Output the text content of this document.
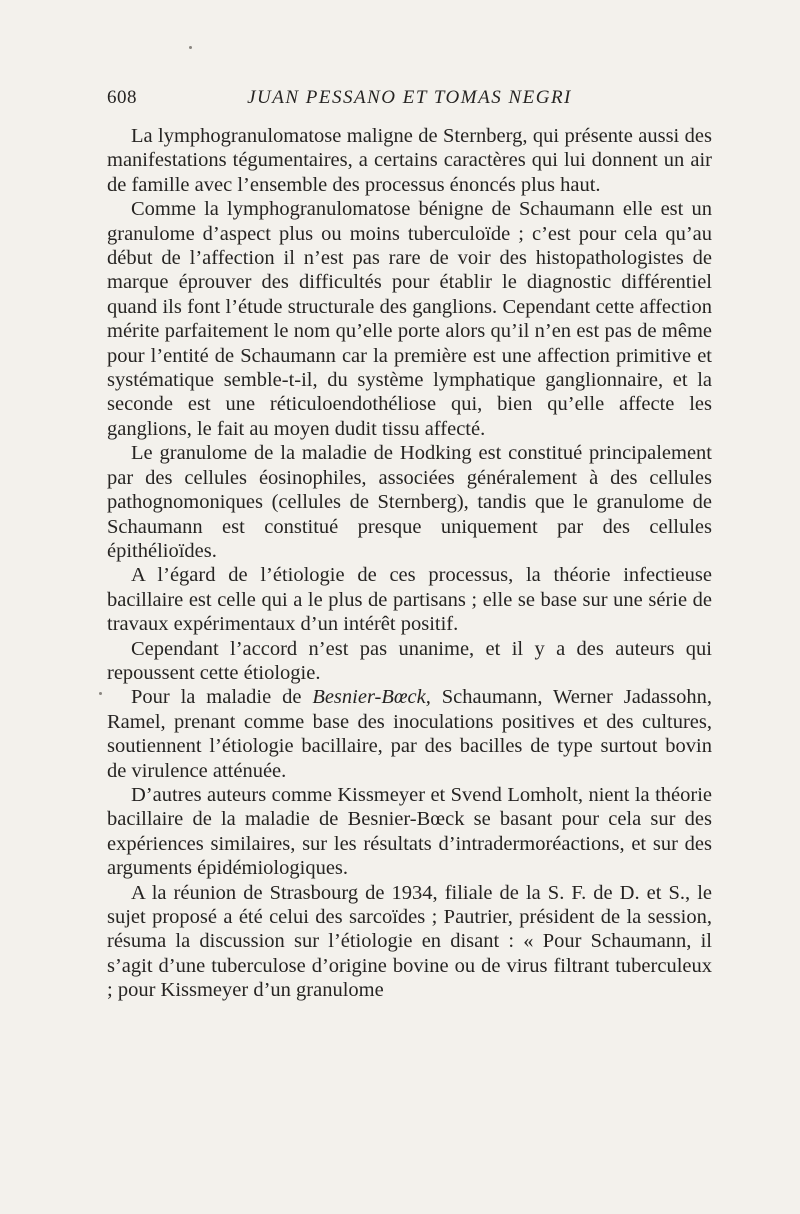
608	JUAN PESSANO ET TOMAS NEGRI

La lymphogranulomatose maligne de Sternberg, qui présente aussi des manifestations tégumentaires, a certains caractères qui lui donnent un air de famille avec l’ensemble des processus énoncés plus haut.

Comme la lymphogranulomatose bénigne de Schaumann elle est un granulome d’aspect plus ou moins tuberculoïde ; c’est pour cela qu’au début de l’affection il n’est pas rare de voir des histopathologistes de marque éprouver des difficultés pour établir le diagnostic différentiel quand ils font l’étude structurale des ganglions. Cependant cette affection mérite parfaitement le nom qu’elle porte alors qu’il n’en est pas de même pour l’entité de Schaumann car la première est une affection primitive et systématique semble-t-il, du système lymphatique ganglionnaire, et la seconde est une réticuloendothéliose qui, bien qu’elle affecte les ganglions, le fait au moyen dudit tissu affecté.

Le granulome de la maladie de Hodking est constitué principalement par des cellules éosinophiles, associées généralement à des cellules pathognomoniques (cellules de Sternberg), tandis que le granulome de Schaumann est constitué presque uniquement par des cellules épithélioïdes.

A l’égard de l’étiologie de ces processus, la théorie infectieuse bacillaire est celle qui a le plus de partisans ; elle se base sur une série de travaux expérimentaux d’un intérêt positif.

Cependant l’accord n’est pas unanime, et il y a des auteurs qui repoussent cette étiologie.

Pour la maladie de Besnier-Bœck, Schaumann, Werner Jadassohn, Ramel, prenant comme base des inoculations positives et des cultures, soutiennent l’étiologie bacillaire, par des bacilles de type surtout bovin de virulence atténuée.

D’autres auteurs comme Kissmeyer et Svend Lomholt, nient la théorie bacillaire de la maladie de Besnier-Bœck se basant pour cela sur des expériences similaires, sur les résultats d’intradermoréactions, et sur des arguments épidémiologiques.

A la réunion de Strasbourg de 1934, filiale de la S. F. de D. et S., le sujet proposé a été celui des sarcoïdes ; Pautrier, président de la session, résuma la discussion sur l’étiologie en disant : « Pour Schaumann, il s’agit d’une tuberculose d’origine bovine ou de virus filtrant tuberculeux ; pour Kissmeyer d’un granulome
